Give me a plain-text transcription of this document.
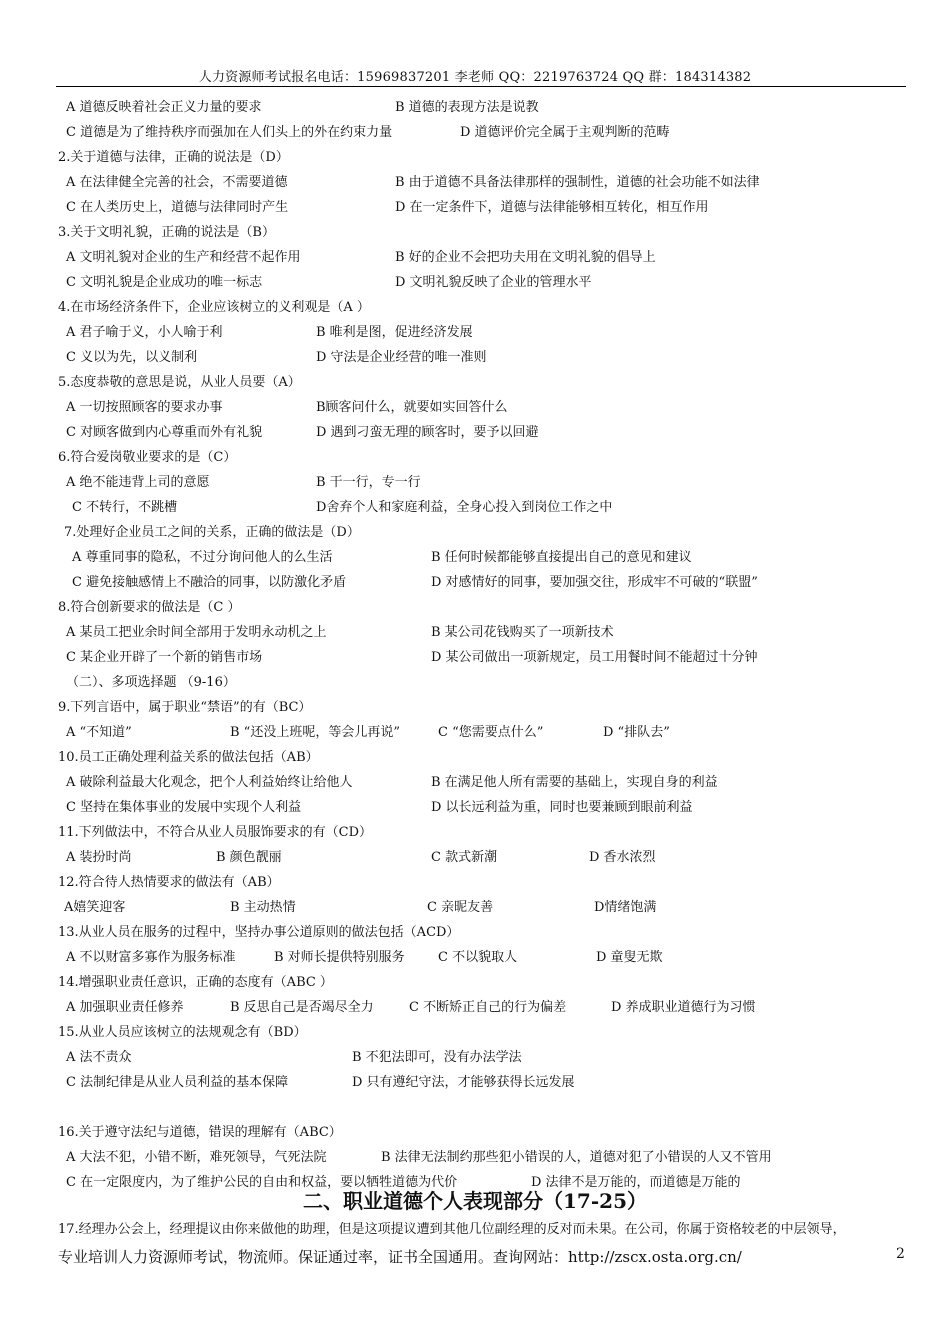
人力资源师考试报名电话：15969837201 李老师 QQ：2219763724 QQ 群：184314382
A 道德反映着社会正义力量的要求	B 道德的表现方法是说教
C 道德是为了维持秩序而强加在人们头上的外在约束力量	D 道德评价完全属于主观判断的范畴
2.关于道德与法律，正确的说法是（D）
A 在法律健全完善的社会，不需要道德	B 由于道德不具备法律那样的强制性，道德的社会功能不如法律
C 在人类历史上，道德与法律同时产生	D 在一定条件下，道德与法律能够相互转化，相互作用
3.关于文明礼貌，正确的说法是（B）
A 文明礼貌对企业的生产和经营不起作用	B 好的企业不会把功夫用在文明礼貌的倡导上
C 文明礼貌是企业成功的唯一标志	D 文明礼貌反映了企业的管理水平
4.在市场经济条件下，企业应该树立的义利观是（A ）
A 君子喻于义，小人喻于利	B 唯利是图，促进经济发展
C 义以为先，以义制利	D 守法是企业经营的唯一准则
5.态度恭敬的意思是说，从业人员要（A）
A 一切按照顾客的要求办事	B顾客问什么，就要如实回答什么
C 对顾客做到内心尊重而外有礼貌	D 遇到刁蛮无理的顾客时，要予以回避
6.符合爱岗敬业要求的是（C）
A 绝不能违背上司的意愿	B 干一行，专一行
C 不转行，不跳槽	D舍弃个人和家庭利益，全身心投入到岗位工作之中
7.处理好企业员工之间的关系，正确的做法是（D）
A 尊重同事的隐私，不过分询问他人的么生活	B 任何时候都能够直接提出自己的意见和建议
C 避免接触感情上不融洽的同事，以防激化矛盾	D 对感情好的同事，要加强交往，形成牢不可破的“联盟”
8.符合创新要求的做法是（C ）
A 某员工把业余时间全部用于发明永动机之上	B 某公司花钱购买了一项新技术
C 某企业开辟了一个新的销售市场	D 某公司做出一项新规定，员工用餐时间不能超过十分钟
（二）、多项选择题 （9-16）
9.下列言语中，属于职业“禁语”的有（BC）
A “不知道”	B “还没上班呢，等会儿再说”	C “您需要点什么”	D “排队去”
10.员工正确处理利益关系的做法包括（AB）
A 破除利益最大化观念，把个人利益始终让给他人	B 在满足他人所有需要的基础上，实现自身的利益
C 坚持在集体事业的发展中实现个人利益	D 以长远利益为重，同时也要兼顾到眼前利益
11.下列做法中，不符合从业人员服饰要求的有（CD）
A 装扮时尚	B 颜色靓丽	C 款式新潮	D 香水浓烈
12.符合待人热情要求的做法有（AB）
A嬉笑迎客	B 主动热情	C 亲昵友善	D情绪饱满
13.从业人员在服务的过程中，坚持办事公道原则的做法包括（ACD）
A 不以财富多寡作为服务标准	B 对师长提供特别服务	C 不以貌取人	D 童叟无欺
14.增强职业责任意识，正确的态度有（ABC ）
A 加强职业责任修养	B 反思自己是否竭尽全力	C 不断矫正自己的行为偏差	D 养成职业道德行为习惯
15.从业人员应该树立的法规观念有（BD）
A 法不责众	B 不犯法即可，没有办法学法
C 法制纪律是从业人员利益的基本保障	D 只有遵纪守法，才能够获得长远发展
16.关于遵守法纪与道德，错误的理解有（ABC）
A 大法不犯，小错不断，难死领导，气死法院	B 法律无法制约那些犯小错误的人，道德对犯了小错误的人又不管用
C 在一定限度内，为了维护公民的自由和权益，要以牺牲道德为代价	D 法律不是万能的，而道德是万能的
17.经理办公会上，经理提议由你来做他的助理，但是这项提议遭到其他几位副经理的反对而未果。在公司，你属于资格较老的中层领导，
二、职业道德个人表现部分（17-25）
专业培训人力资源师考试，物流师。保证通过率，证书全国通用。查询网站：http://zscx.osta.org.cn/	2
